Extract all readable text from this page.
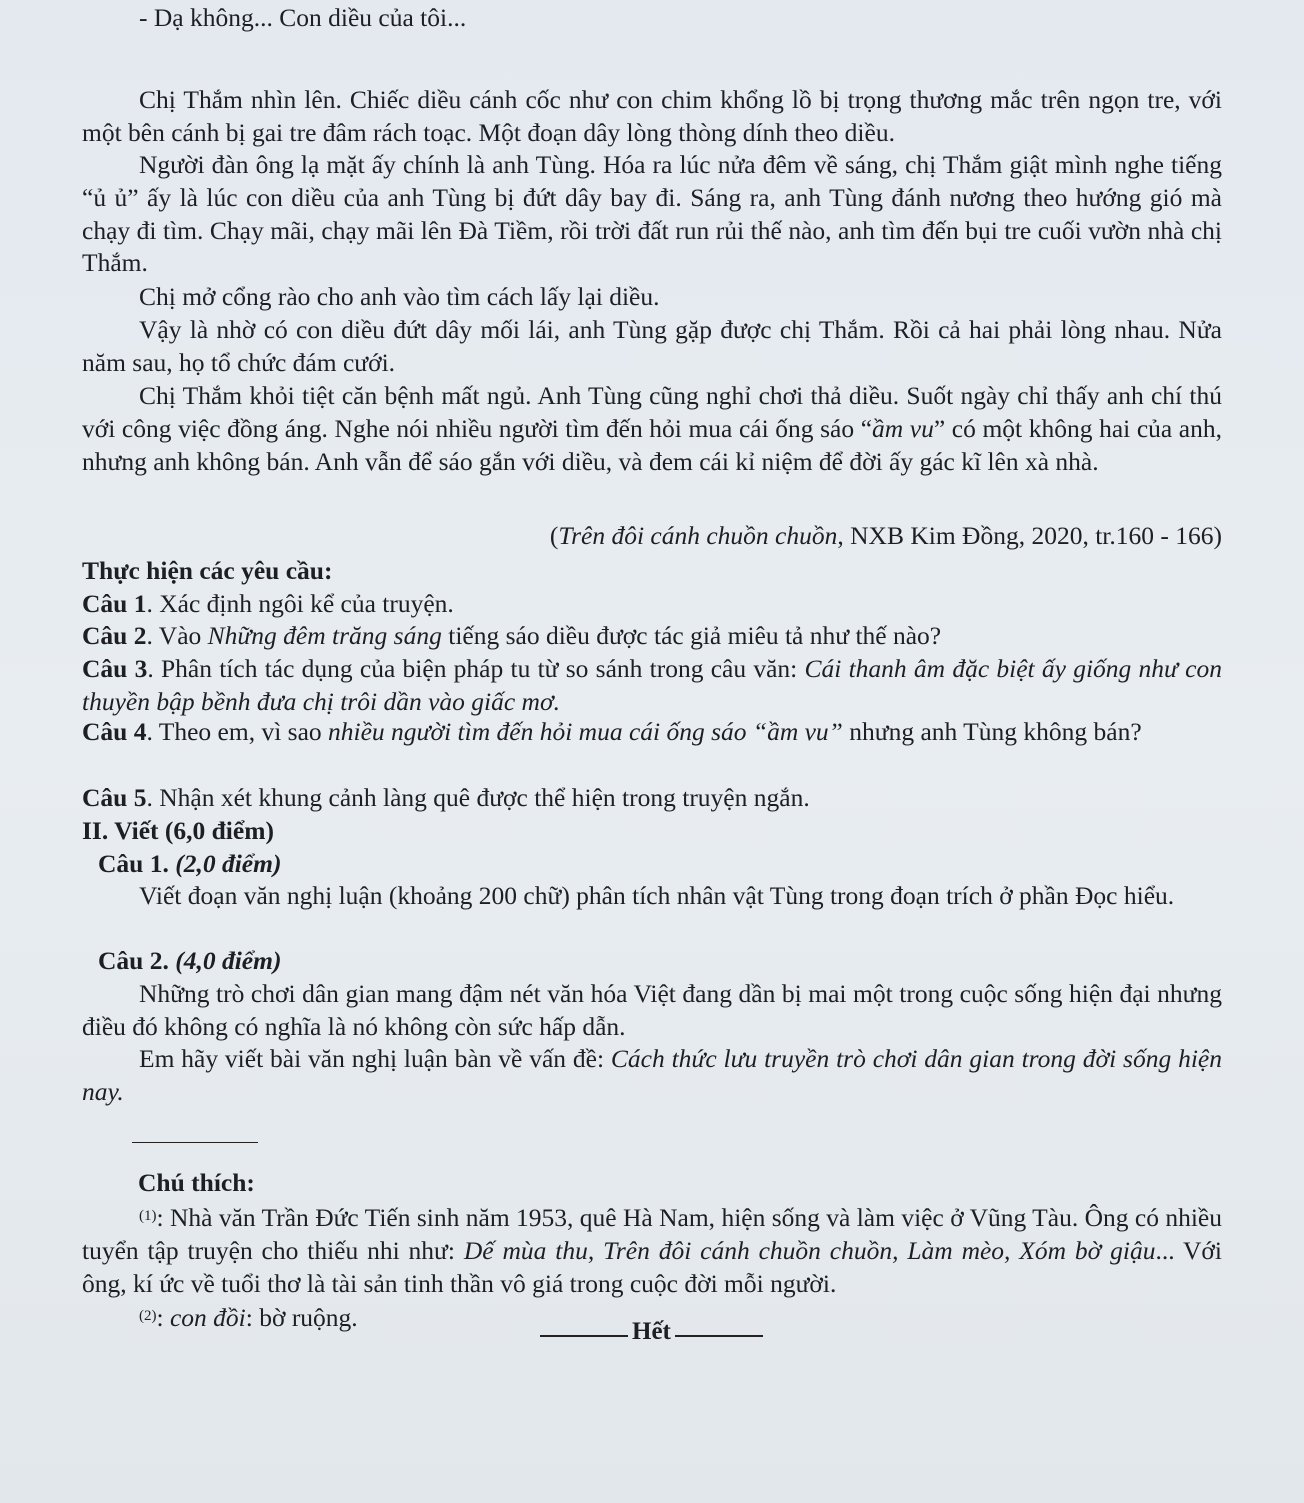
- Dạ không... Con diều của tôi...
Chị Thắm nhìn lên. Chiếc diều cánh cốc như con chim khổng lồ bị trọng thương mắc trên ngọn tre, với một bên cánh bị gai tre đâm rách toạc. Một đoạn dây lòng thòng dính theo diều.
Người đàn ông lạ mặt ấy chính là anh Tùng. Hóa ra lúc nửa đêm về sáng, chị Thắm giật mình nghe tiếng “ủ ủ” ấy là lúc con diều của anh Tùng bị đứt dây bay đi. Sáng ra, anh Tùng đánh nương theo hướng gió mà chạy đi tìm. Chạy mãi, chạy mãi lên Đà Tiềm, rồi trời đất run rủi thế nào, anh tìm đến bụi tre cuối vườn nhà chị Thắm.
Chị mở cổng rào cho anh vào tìm cách lấy lại diều.
Vậy là nhờ có con diều đứt dây mối lái, anh Tùng gặp được chị Thắm. Rồi cả hai phải lòng nhau. Nửa năm sau, họ tổ chức đám cưới.
Chị Thắm khỏi tiệt căn bệnh mất ngủ. Anh Tùng cũng nghỉ chơi thả diều. Suốt ngày chỉ thấy anh chí thú với công việc đồng áng. Nghe nói nhiều người tìm đến hỏi mua cái ống sáo “ầm vu” có một không hai của anh, nhưng anh không bán. Anh vẫn để sáo gắn với diều, và đem cái kỉ niệm để đời ấy gác kĩ lên xà nhà.
(Trên đôi cánh chuồn chuồn, NXB Kim Đồng, 2020, tr.160 - 166)
Thực hiện các yêu cầu:
Câu 1. Xác định ngôi kể của truyện.
Câu 2. Vào Những đêm trăng sáng tiếng sáo diều được tác giả miêu tả như thế nào?
Câu 3. Phân tích tác dụng của biện pháp tu từ so sánh trong câu văn: Cái thanh âm đặc biệt ấy giống như con thuyền bập bềnh đưa chị trôi dần vào giấc mơ.
Câu 4. Theo em, vì sao nhiều người tìm đến hỏi mua cái ống sáo “ầm vu” nhưng anh Tùng không bán?
Câu 5. Nhận xét khung cảnh làng quê được thể hiện trong truyện ngắn.
II. Viết (6,0 điểm)
Câu 1. (2,0 điểm)
Viết đoạn văn nghị luận (khoảng 200 chữ) phân tích nhân vật Tùng trong đoạn trích ở phần Đọc hiểu.
Câu 2. (4,0 điểm)
Những trò chơi dân gian mang đậm nét văn hóa Việt đang dần bị mai một trong cuộc sống hiện đại nhưng điều đó không có nghĩa là nó không còn sức hấp dẫn.
Em hãy viết bài văn nghị luận bàn về vấn đề: Cách thức lưu truyền trò chơi dân gian trong đời sống hiện nay.
Chú thích:
$^{(1)}$: Nhà văn Trần Đức Tiến sinh năm 1953, quê Hà Nam, hiện sống và làm việc ở Vũng Tàu. Ông có nhiều tuyển tập truyện cho thiếu nhi như: Dế mùa thu, Trên đôi cánh chuồn chuồn, Làm mèo, Xóm bờ giậu... Với ông, kí ức về tuổi thơ là tài sản tinh thần vô giá trong cuộc đời mỗi người.
$^{(2)}$: con đồi: bờ ruộng.	Hết
